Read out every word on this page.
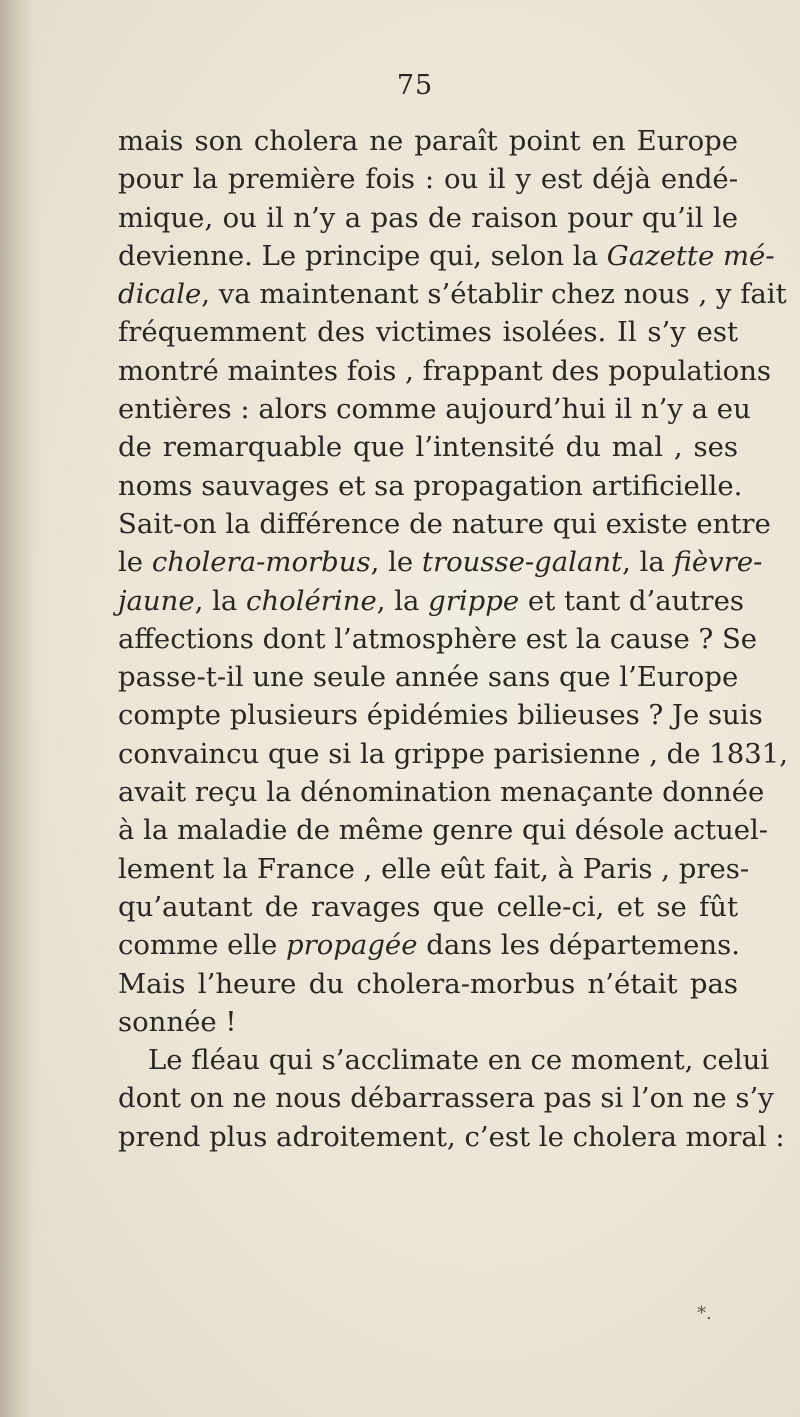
75
mais son cholera ne paraît point en Europe
pour la première fois : ou il y est déjà endé-
mique, ou il n’y a pas de raison pour qu’il le
devienne. Le principe qui, selon la Gazette mé-
dicale, va maintenant s’établir chez nous , y fait
fréquemment des victimes isolées. Il s’y est
montré maintes fois , frappant des populations
entières : alors comme aujourd’hui il n’y a eu
de remarquable que l’intensité du mal , ses
noms sauvages et sa propagation artificielle.
Sait-on la différence de nature qui existe entre
le cholera-morbus, le trousse-galant, la fièvre-
jaune, la cholérine, la grippe et tant d’autres
affections dont l’atmosphère est la cause ? Se
passe-t-il une seule année sans que l’Europe
compte plusieurs épidémies bilieuses ? Je suis
convaincu que si la grippe parisienne , de 1831,
avait reçu la dénomination menaçante donnée
à la maladie de même genre qui désole actuel-
lement la France , elle eût fait, à Paris , pres-
qu’autant de ravages que celle-ci, et se fût
comme elle propagée dans les départemens.
Mais l’heure du cholera-morbus n’était pas
sonnée !
Le fléau qui s’acclimate en ce moment, celui
dont on ne nous débarrassera pas si l’on ne s’y
prend plus adroitement, c’est le cholera moral :
*.
